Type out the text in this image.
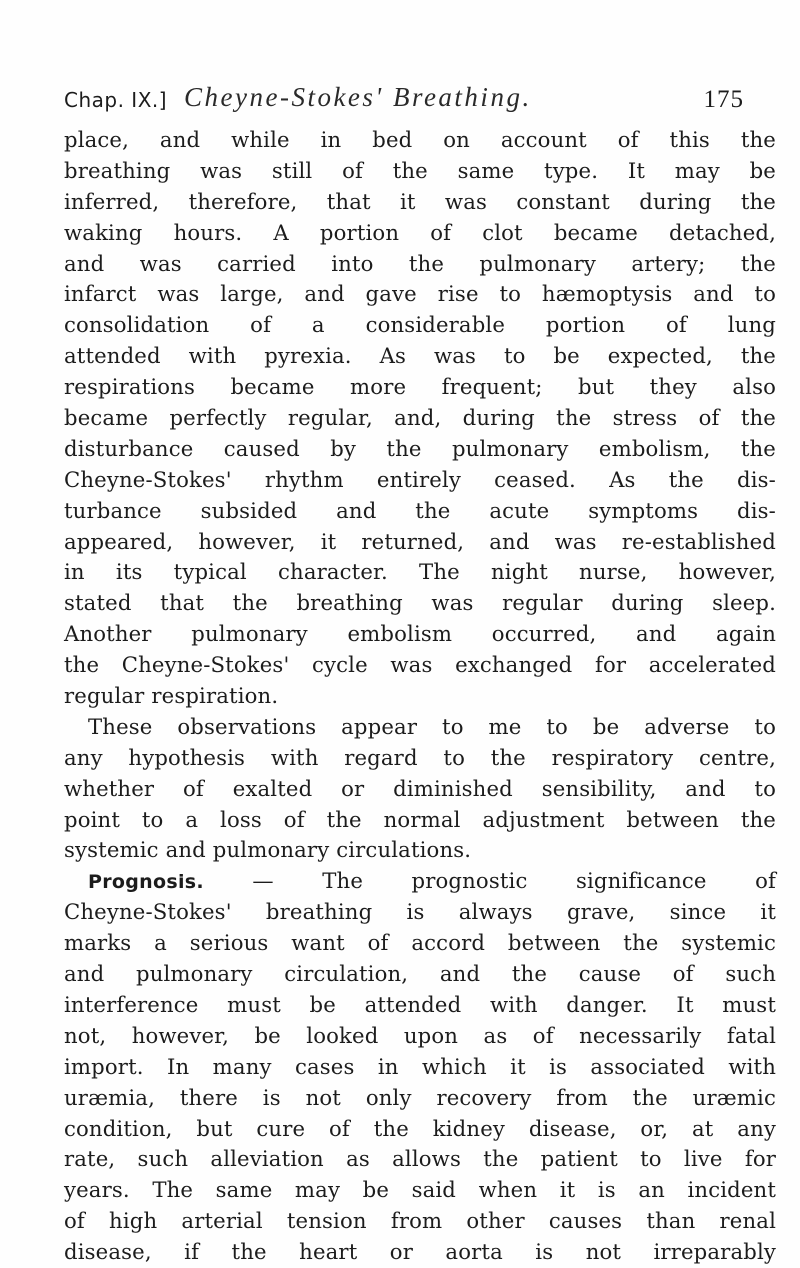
Chap. IX.] Cheyne-Stokes' Breathing.	175
place, and while in bed on account of this the
breathing was still of the same type. It may be
inferred, therefore, that it was constant during the
waking hours. A portion of clot became detached,
and was carried into the pulmonary artery; the
infarct was large, and gave rise to hæmoptysis and to
consolidation of a considerable portion of lung
attended with pyrexia. As was to be expected, the
respirations became more frequent; but they also
became perfectly regular, and, during the stress of the
disturbance caused by the pulmonary embolism, the
Cheyne-Stokes' rhythm entirely ceased. As the dis-
turbance subsided and the acute symptoms dis-
appeared, however, it returned, and was re-established
in its typical character. The night nurse, however,
stated that the breathing was regular during sleep.
Another pulmonary embolism occurred, and again
the Cheyne-Stokes' cycle was exchanged for accelerated
regular respiration.
These observations appear to me to be adverse to
any hypothesis with regard to the respiratory centre,
whether of exalted or diminished sensibility, and to
point to a loss of the normal adjustment between the
systemic and pulmonary circulations.
Prognosis. — The prognostic significance of
Cheyne-Stokes' breathing is always grave, since it
marks a serious want of accord between the systemic
and pulmonary circulation, and the cause of such
interference must be attended with danger. It must
not, however, be looked upon as of necessarily fatal
import. In many cases in which it is associated with
uræmia, there is not only recovery from the uræmic
condition, but cure of the kidney disease, or, at any
rate, such alleviation as allows the patient to live for
years. The same may be said when it is an incident
of high arterial tension from other causes than renal
disease, if the heart or aorta is not irreparably
